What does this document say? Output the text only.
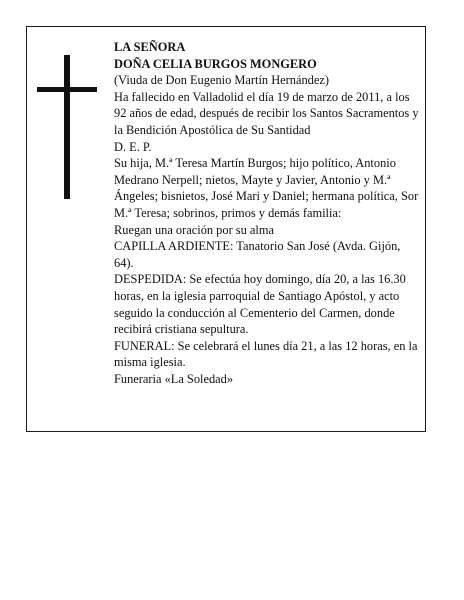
LA SEÑORA

DOÑA CELIA BURGOS MONGERO

(Viuda de Don Eugenio Martín Hernández)

Ha fallecido en Valladolid el día 19 de marzo de 2011, a los 92 años de edad, después de recibir los Santos Sacramentos y la Bendición Apostólica de Su Santidad

D. E. P.

Su hija, M.ª Teresa Martín Burgos; hijo político, Antonio Medrano Nerpell; nietos, Mayte y Javier, Antonio y M.ª Ángeles; bisnietos, José Mari y Daniel; hermana política, Sor M.ª Teresa; sobrinos, primos y demás familia:

Ruegan una oración por su alma

CAPILLA ARDIENTE: Tanatorio San José (Avda. Gijón, 64).

DESPEDIDA: Se efectúa hoy domingo, día 20, a las 16.30 horas, en la iglesia parroquial de Santiago Apóstol, y acto seguido la conducción al Cementerio del Carmen, donde recibirá cristiana sepultura.

FUNERAL: Se celebrará el lunes día 21, a las 12 horas, en la misma iglesia.

Funeraria «La Soledad»
